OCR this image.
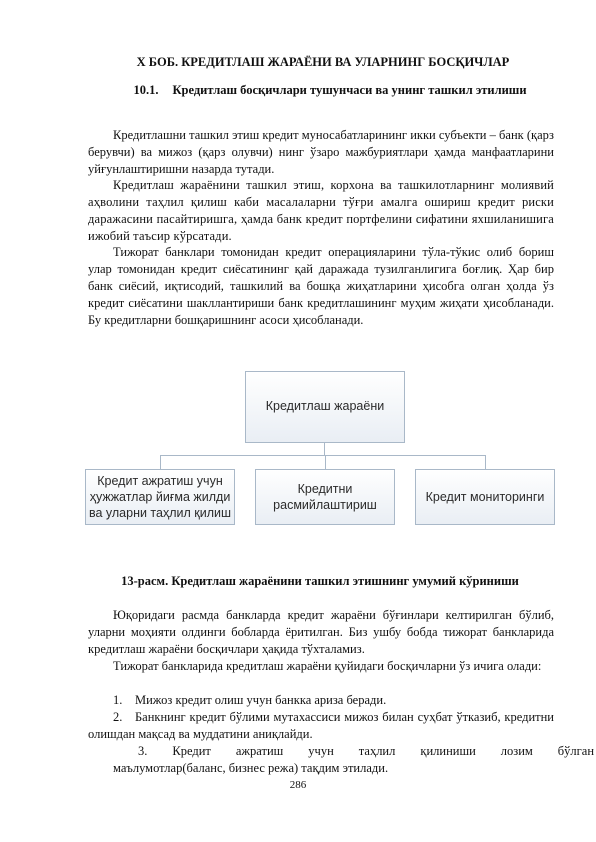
X БОБ. КРЕДИТЛАШ ЖАРАЁНИ ВА УЛАРНИНГ БОСҚИЧЛАР
10.1. Кредитлаш босқичлари тушунчаси ва унинг ташкил этилиши

Кредитлашни ташкил этиш кредит муносабатларининг икки субъекти – банк (қарз берувчи) ва мижоз (қарз олувчи) нинг ўзаро мажбуриятлари ҳамда манфаатларини уйғунлаштиришни назарда тутади.

Кредитлаш жараёнини ташкил этиш, корхона ва ташкилотларнинг молиявий аҳволини таҳлил қилиш каби масалаларни тўғри амалга ошириш кредит риски даражасини пасайтиришга, ҳамда банк кредит портфелини сифатини яхшиланишига ижобий таъсир кўрсатади.

Тижорат банклари томонидан кредит операцияларини тўла-тўкис олиб бориш улар томонидан кредит сиёсатининг қай даражада тузилганлигига боғлиқ. Ҳар бир банк сиёсий, иқтисодий, ташкилий ва бошқа жиҳатларини ҳисобга олган ҳолда ўз кредит сиёсатини шакллантириши банк кредитлашининг муҳим жиҳати ҳисобланади. Бу кредитларни бошқаришнинг асоси ҳисобланади.

Кредитлаш жараёни
Кредит ажратиш учун ҳужжатлар йиғма жилди ва уларни таҳлил қилиш
Кредитни расмийлаштириш
Кредит мониторинги
13-расм. Кредитлаш жараёнини ташкил этишнинг умумий кўриниши

Юқоридаги расмда банкларда кредит жараёни бўғинлари келтирилган бўлиб, уларни моҳияти олдинги бобларда ёритилган. Биз ушбу бобда тижорат банкларида кредитлаш жараёни босқичлари ҳақида тўхталамиз.

Тижорат банкларида кредитлаш жараёни қуйидаги босқичларни ўз ичига олади:

1. Мижоз кредит олиш учун банкка ариза беради.

2. Банкнинг кредит бўлими мутахассиси мижоз билан суҳбат ўтказиб, кредитни олишдан мақсад ва муддатини аниқлайди.

3.	Кредит	ажратиш	учун	таҳлил	қилиниши	лозим	бўлган
маълумотлар(баланс, бизнес режа) тақдим этилади.
286
